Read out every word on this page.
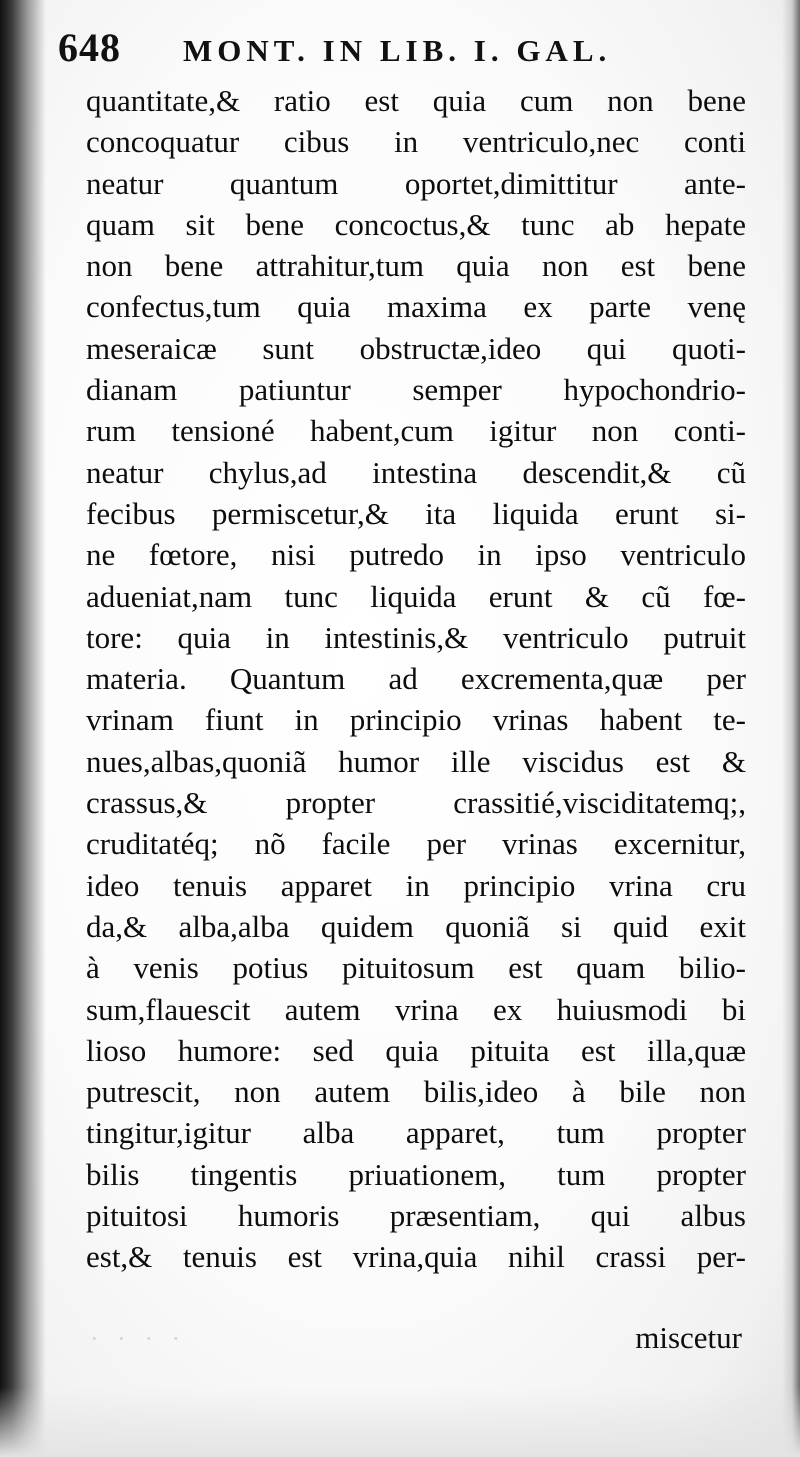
648 MONT. IN LIB. I. GAL.
quantitate,& ratio est quia cum non bene
concoquatur cibus in ventriculo,nec conti
neatur quantum oportet,dimittitur ante-
quam sit bene concoctus,& tunc ab hepate
non bene attrahitur,tum quia non est bene
confectus,tum quia maxima ex parte venę
meseraicæ sunt obstructæ,ideo qui quoti-
dianam patiuntur semper hypochondrio-
rum tensioné habent,cum igitur non conti-
neatur chylus,ad intestina descendit,& cũ
fecibus permiscetur,& ita liquida erunt si-
ne fœtore, nisi putredo in ipso ventriculo
adueniat,nam tunc liquida erunt & cũ fœ-
tore: quia in intestinis,& ventriculo putruit
materia. Quantum ad excrementa,quæ per
vrinam fiunt in principio vrinas habent te-
nues,albas,quoniã humor ille viscidus est &
crassus,& propter crassitié,visciditatemq;,
cruditatéq; nõ facile per vrinas excernitur,
ideo tenuis apparet in principio vrina cru
da,& alba,alba quidem quoniã si quid exit
à venis potius pituitosum est quam bilio-
sum,flauescit autem vrina ex huiusmodi bi
lioso humore: sed quia pituita est illa,quæ
putrescit, non autem bilis,ideo à bile non
tingitur,igitur alba apparet, tum propter
bilis tingentis priuationem, tum propter
pituitosi humoris præsentiam, qui albus
est,& tenuis est vrina,quia nihil crassi per-
· · · ·	miscetur
